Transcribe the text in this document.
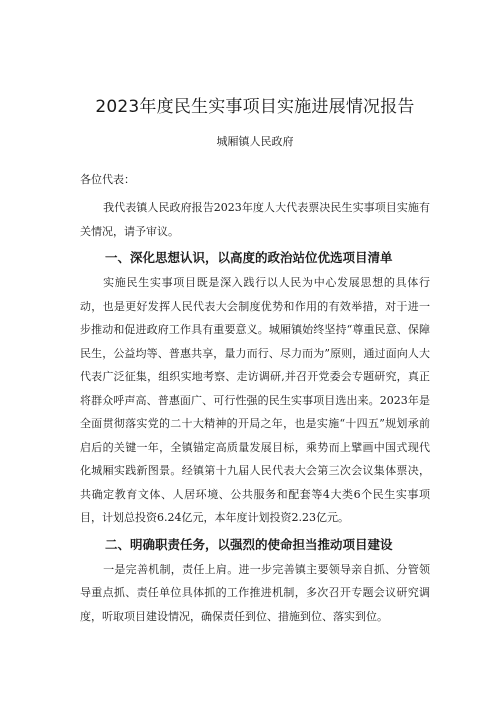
2023年度民生实事项目实施进展情况报告
城厢镇人民政府
各位代表：

我代表镇人民政府报告2023年度人大代表票决民生实事项目实施有关情况，请予审议。

一、深化思想认识，以高度的政治站位优选项目清单

实施民生实事项目既是深入践行以人民为中心发展思想的具体行动，也是更好发挥人民代表大会制度优势和作用的有效举措，对于进一步推动和促进政府工作具有重要意义。城厢镇始终坚持“尊重民意、保障民生，公益均等、普惠共享，量力而行、尽力而为”原则，通过面向人大代表广泛征集，组织实地考察、走访调研,并召开党委会专题研究，真正将群众呼声高、普惠面广、可行性强的民生实事项目选出来。2023年是全面贯彻落实党的二十大精神的开局之年，也是实施“十四五”规划承前启后的关键一年，全镇锚定高质量发展目标，乘势而上擘画中国式现代化城厢实践新图景。经镇第十九届人民代表大会第三次会议集体票决，共确定教育文体、人居环境、公共服务和配套等4大类6个民生实事项目，计划总投资6.24亿元，本年度计划投资2.23亿元。

二、明确职责任务，以强烈的使命担当推动项目建设

一是完善机制，责任上肩。进一步完善镇主要领导亲自抓、分管领导重点抓、责任单位具体抓的工作推进机制，多次召开专题会议研究调度，听取项目建设情况，确保责任到位、措施到位、落实到位。
